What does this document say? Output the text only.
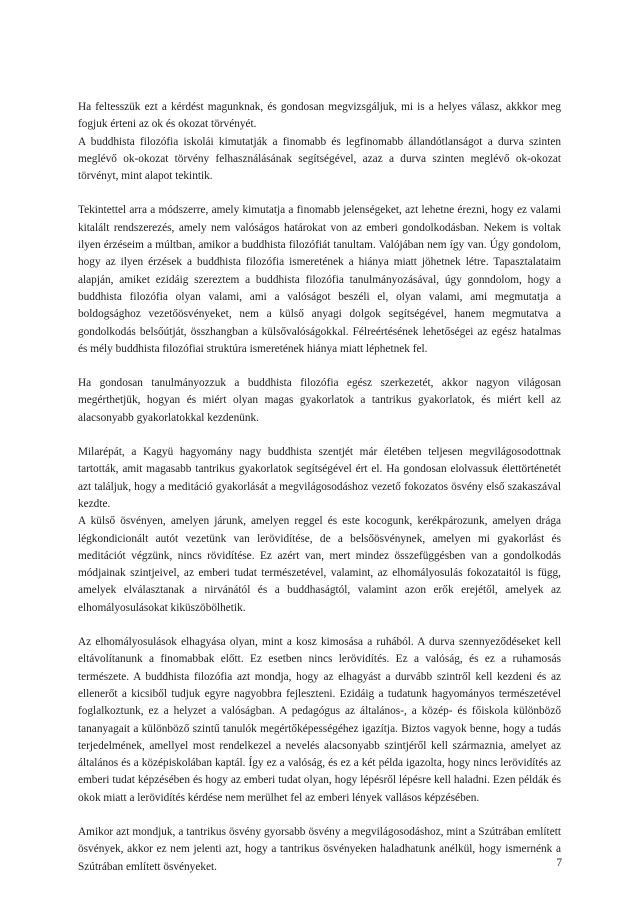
Ha feltesszük ezt a kérdést magunknak, és gondosan megvizsgáljuk, mi is a helyes válasz, akkkor meg fogjuk érteni az ok és okozat törvényét.

A buddhista filozófia iskolái kimutatják a finomabb és legfinomabb állandótlanságot a durva szinten meglévő ok-okozat törvény felhasználásának segítségével, azaz a durva szinten meglévő ok-okozat törvényt, mint alapot tekintik.

Tekintettel arra a módszerre, amely kimutatja a finomabb jelenségeket, azt lehetne érezni, hogy ez valami kitalált rendszerezés, amely nem valóságos határokat von az emberi gondolkodásban. Nekem is voltak ilyen érzéseim a múltban, amikor a buddhista filozófiát tanultam. Valójában nem így van. Úgy gondolom, hogy az ilyen érzések a buddhista filozófia ismeretének a hiánya miatt jöhetnek létre. Tapasztalataim alapján, amiket ezidáig szereztem a buddhista filozófia tanulmányozásával, úgy gonndolom, hogy a buddhista filozófia olyan valami, ami a valóságot beszéli el, olyan valami, ami megmutatja a boldogsághoz vezetőösvényeket, nem a külső anyagi dolgok segítségével, hanem megmutatva a gondolkodás belsőútját, összhangban a külsővalóságokkal. Félreértésének lehetőségei az egész hatalmas és mély buddhista filozófiai struktúra ismeretének hiánya miatt léphetnek fel.

Ha gondosan tanulmányozzuk a buddhista filozófia egész szerkezetét, akkor nagyon világosan megérthetjük, hogyan és miért olyan magas gyakorlatok a tantrikus gyakorlatok, és miért kell az alacsonyabb gyakorlatokkal kezdenünk.

Milarépát, a Kagyü hagyomány nagy buddhista szentjét már életében teljesen megvilágosodottnak tartották, amit magasabb tantrikus gyakorlatok segítségével ért el. Ha gondosan elolvassuk élettörténetét azt találjuk, hogy a meditáció gyakorlását a megvilágosodáshoz vezető fokozatos ösvény első szakaszával kezdte.

A külső ösvényen, amelyen járunk, amelyen reggel és este kocogunk, kerékpározunk, amelyen drága légkondicionált autót vezetünk van lerövidítése, de a belsőösvénynek, amelyen mi gyakorlást és meditációt végzünk, nincs rövidítése. Ez azért van, mert mindez összefüggésben van a gondolkodás módjainak szintjeivel, az emberi tudat természetével, valamint, az elhomályosulás fokozataitól is függ, amelyek elválasztanak a nirvánától és a buddhaságtól, valamint azon erők erejétől, amelyek az elhomályosulásokat kiküszöbölhetik.

Az elhomályosulások elhagyása olyan, mint a kosz kimosása a ruhából. A durva szennyeződéseket kell eltávolítanunk a finomabbak előtt. Ez esetben nincs lerövidítés. Ez a valóság, és ez a ruhamosás természete. A buddhista filozófia azt mondja, hogy az elhagyást a durvább szintről kell kezdeni és az ellenerőt a kicsiből tudjuk egyre nagyobbra fejleszteni. Ezidáig a tudatunk hagyományos természetével foglalkoztunk, ez a helyzet a valóságban. A pedagógus az általános-, a közép- és főiskola különböző tananyagait a különböző szintű tanulók megértőképességéhez igazítja. Biztos vagyok benne, hogy a tudás terjedelmének, amellyel most rendelkezel a nevelés alacsonyabb szintjéről kell származnia, amelyet az általános és a középiskolában kaptál. Így ez a valóság, és ez a két példa igazolta, hogy nincs lerövidítés az emberi tudat képzésében és hogy az emberi tudat olyan, hogy lépésről lépésre kell haladni. Ezen példák és okok miatt a lerövidítés kérdése nem merülhet fel az emberi lények vallásos képzésében.

Amikor azt mondjuk, a tantrikus ösvény gyorsabb ösvény a megvilágosodáshoz, mint a Szútrában említett ösvények, akkor ez nem jelenti azt, hogy a tantrikus ösvényeken haladhatunk anélkül, hogy ismernénk a Szútrában említett ösvényeket.	7
